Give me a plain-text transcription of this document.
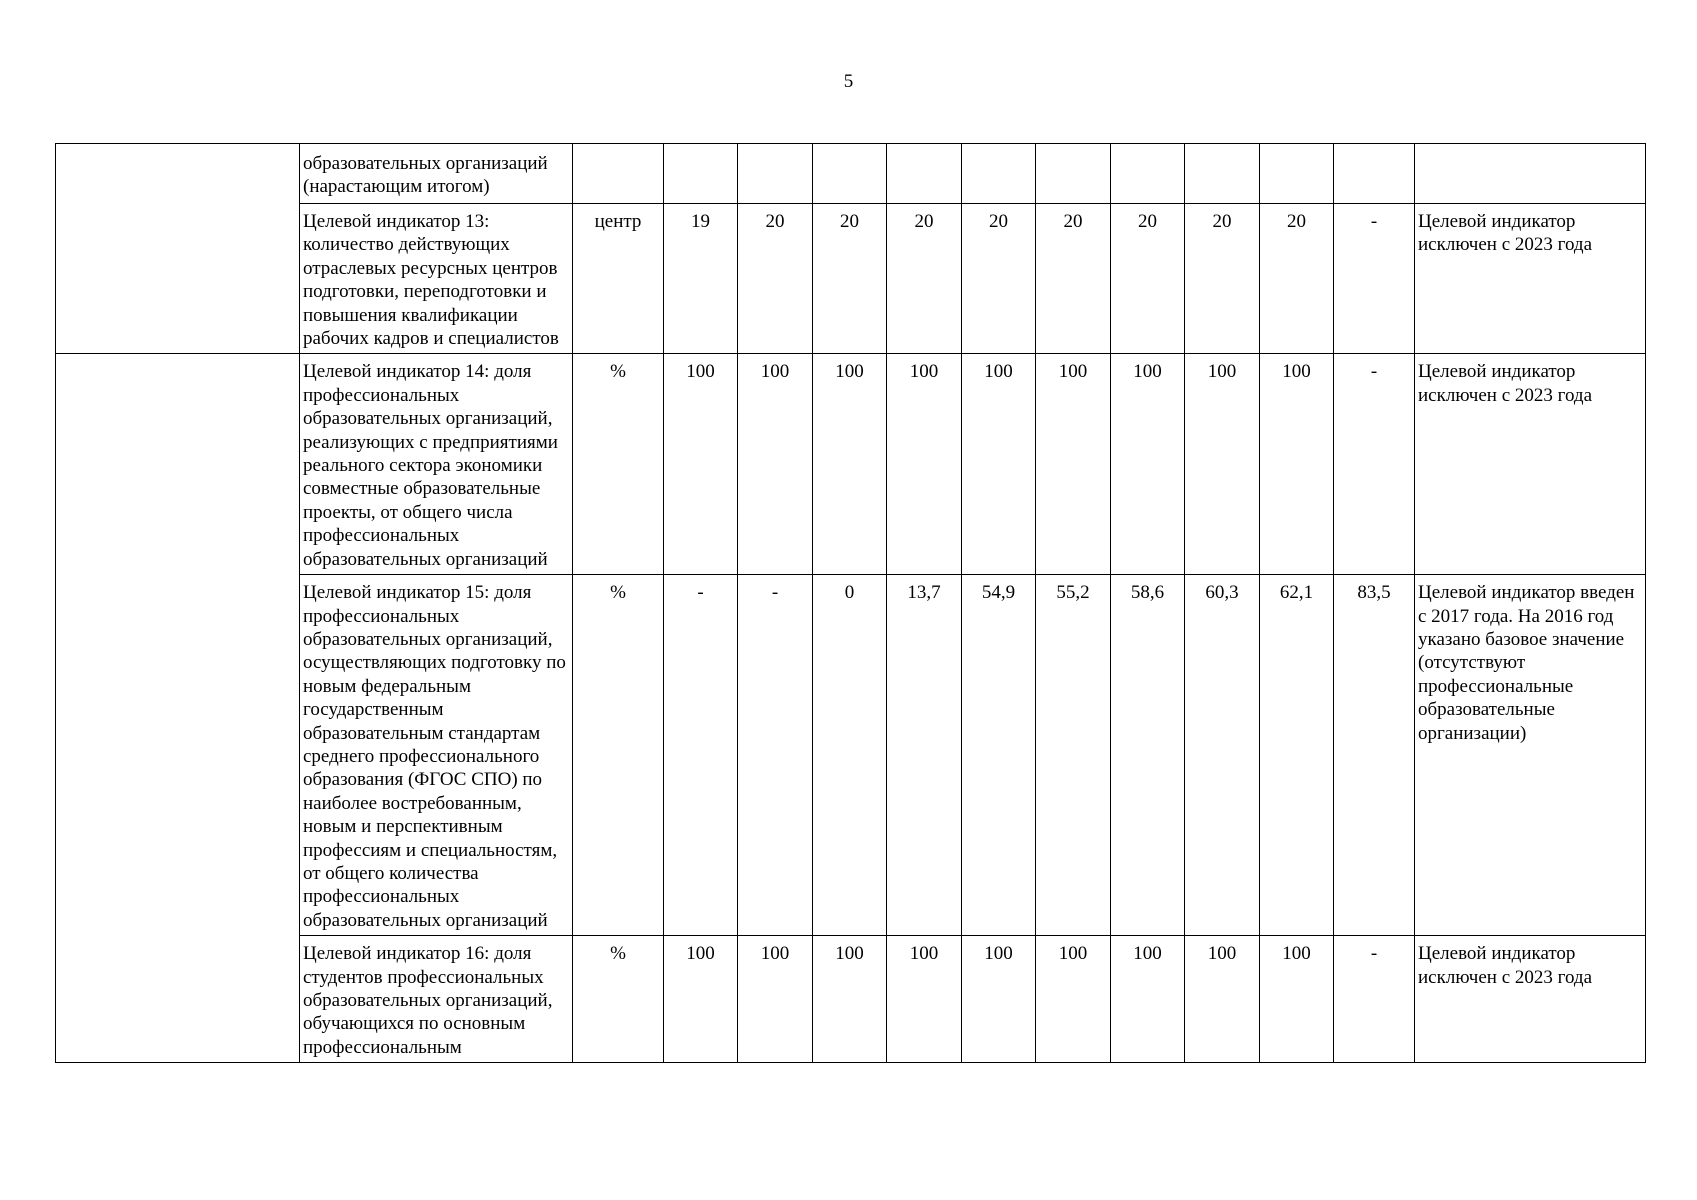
5
	образовательных организаций (нарастающим итогом)												
	Целевой индикатор 13: количество действующих отраслевых ресурсных центров подготовки, переподготовки и повышения квалификации рабочих кадров и специалистов	центр	19	20	20	20	20	20	20	20	20	-	Целевой индикатор исключен с 2023 года
	Целевой индикатор 14: доля профессиональных образовательных организаций, реализующих с предприятиями реального сектора экономики совместные образовательные проекты, от общего числа профессиональных образовательных организаций	%	100	100	100	100	100	100	100	100	100	-	Целевой индикатор исключен с 2023 года
	Целевой индикатор 15: доля профессиональных образовательных организаций, осуществляющих подготовку по новым федеральным государственным образовательным стандартам среднего профессионального образования (ФГОС СПО) по наиболее востребованным, новым и перспективным профессиям и специальностям, от общего количества профессиональных образовательных организаций	%	-	-	0	13,7	54,9	55,2	58,6	60,3	62,1	83,5	Целевой индикатор введен с 2017 года. На 2016 год указано базовое значение (отсутствуют профессиональные образовательные организации)
	Целевой индикатор 16: доля студентов профессиональных образовательных организаций, обучающихся по основным профессиональным	%	100	100	100	100	100	100	100	100	100	-	Целевой индикатор исключен с 2023 года
